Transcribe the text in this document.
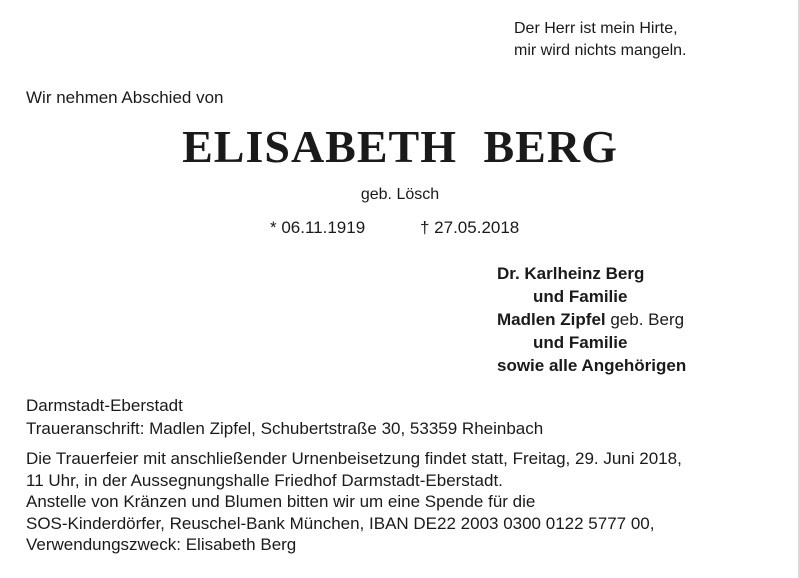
Der Herr ist mein Hirte,
mir wird nichts mangeln.
Wir nehmen Abschied von
ELISABETH BERG
geb. Lösch
* 06.11.1919	† 27.05.2018
Dr. Karlheinz Berg
und Familie
Madlen Zipfel geb. Berg
und Familie
sowie alle Angehörigen
Darmstadt-Eberstadt
Traueranschrift: Madlen Zipfel, Schubertstraße 30, 53359 Rheinbach
Die Trauerfeier mit anschließender Urnenbeisetzung findet statt, Freitag, 29. Juni 2018,
11 Uhr, in der Aussegnungshalle Friedhof Darmstadt-Eberstadt.
Anstelle von Kränzen und Blumen bitten wir um eine Spende für die
SOS-Kinderdörfer, Reuschel-Bank München, IBAN DE22 2003 0300 0122 5777 00,
Verwendungszweck: Elisabeth Berg
